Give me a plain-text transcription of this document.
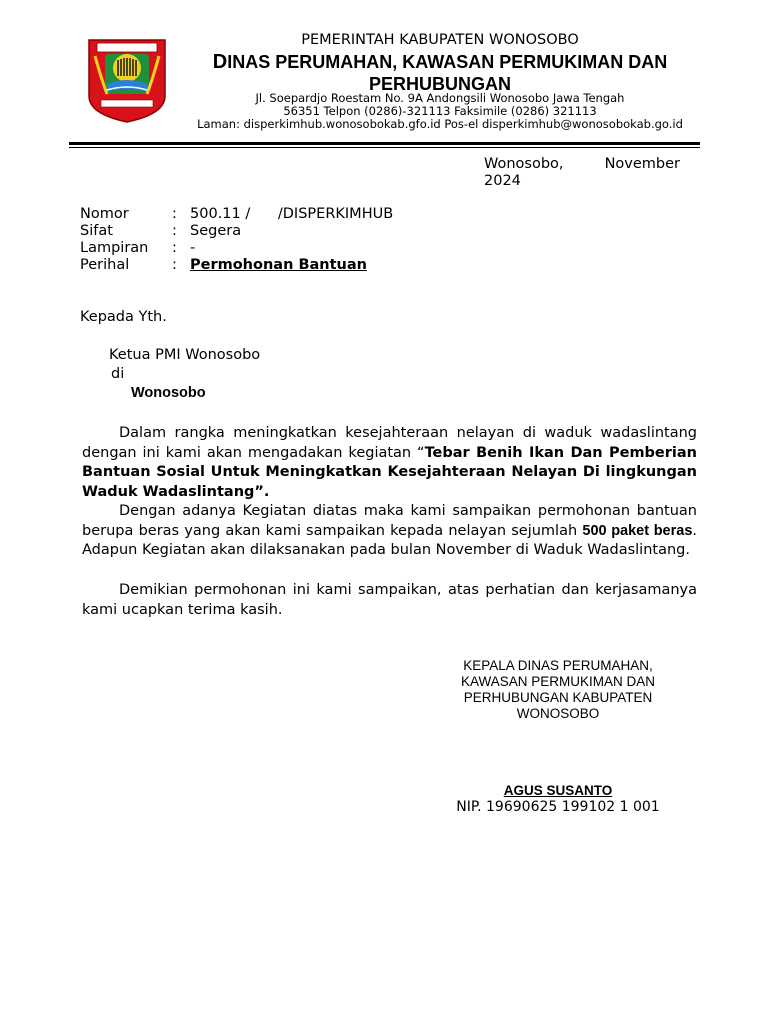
PEMERINTAH KABUPATEN WONOSOBO
DINAS PERUMAHAN, KAWASAN PERMUKIMAN DAN
PERHUBUNGAN
Jl. Soepardjo Roestam No. 9A Andongsili Wonosobo Jawa Tengah
56351 Telpon (0286)-321113 Faksimile (0286) 321113
Laman: disperkimhub.wonosobokab.gfo.id Pos-el disperkimhub@wonosobokab.go.id
Wonosobo,	November
2024
Nomor	: 500.11 /      /DISPERKIMHUB
Sifat	: Segera
Lampiran	: -
Perihal	: Permohonan Bantuan
Kepada Yth.
Ketua PMI Wonosobo
di
Wonosobo
Dalam rangka meningkatkan kesejahteraan nelayan di waduk wadaslintang dengan ini kami akan mengadakan kegiatan “Tebar Benih Ikan Dan Pemberian Bantuan Sosial Untuk Meningkatkan Kesejahteraan Nelayan Di lingkungan Waduk Wadaslintang”.
Dengan adanya Kegiatan diatas maka kami sampaikan permohonan bantuan berupa beras yang akan kami sampaikan kepada nelayan sejumlah 500 paket beras. Adapun Kegiatan akan dilaksanakan pada bulan November di Waduk Wadaslintang.
Demikian permohonan ini kami sampaikan, atas perhatian dan kerjasamanya kami ucapkan terima kasih.
KEPALA DINAS PERUMAHAN,
KAWASAN PERMUKIMAN DAN
PERHUBUNGAN KABUPATEN
WONOSOBO
AGUS SUSANTO
NIP. 19690625 199102 1 001
